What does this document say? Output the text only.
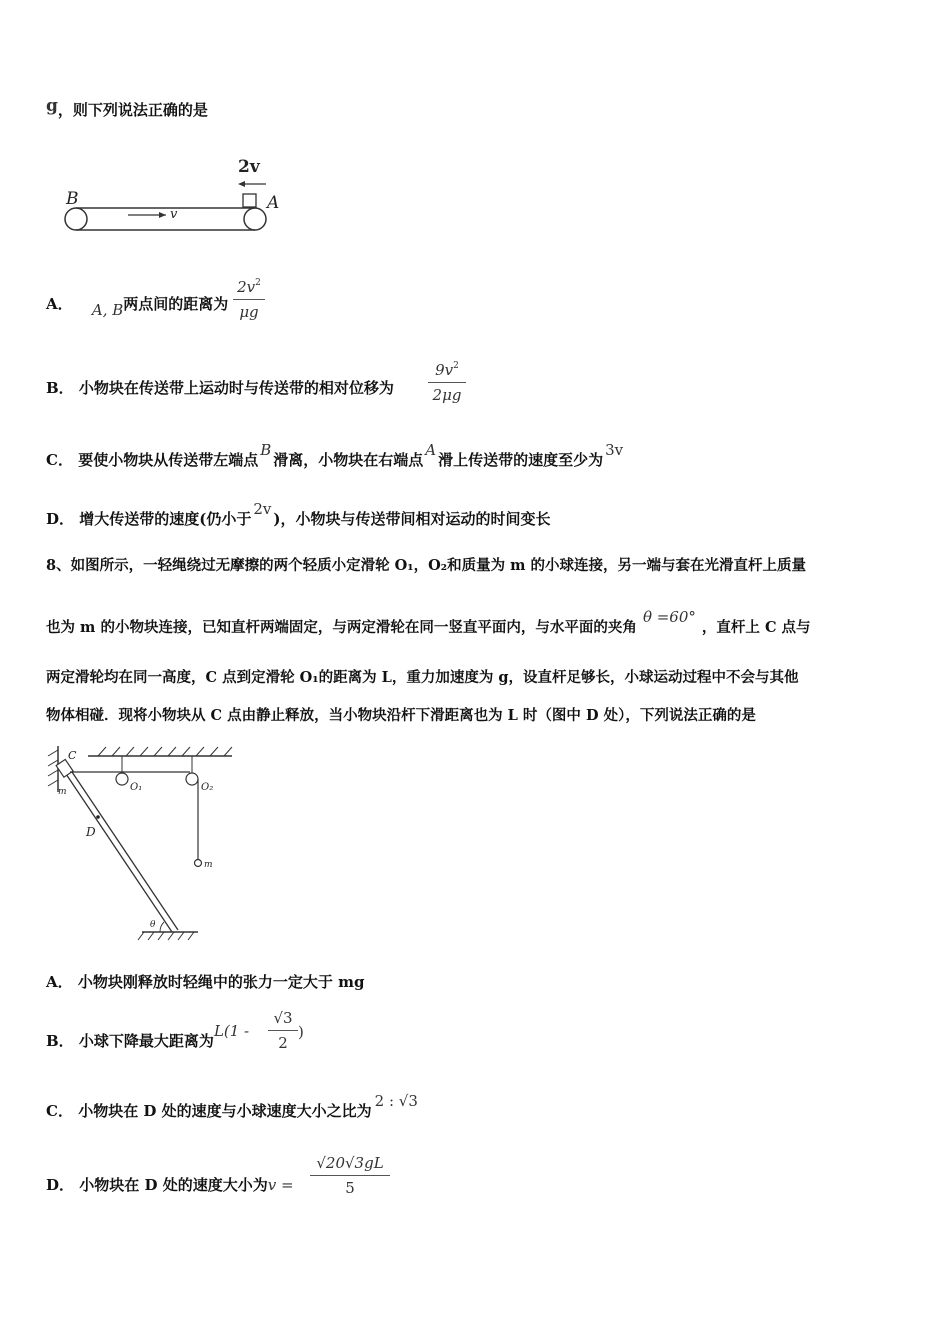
g，则下列说法正确的是
B	A
2v
v
A． A, B两点间的距离为
$2v^2$
μg
B． 小物块在传送带上运动时与传送带的相对位移为
$9v^2$
2μg
C． 要使小物块从传送带左端点B滑离，小物块在右端点A滑上传送带的速度至少为3v
D． 增大传送带的速度(仍小于2v)，小物块与传送带间相对运动的时间变长
8、如图所示，一轻绳绕过无摩擦的两个轻质小定滑轮 O₁，O₂和质量为 m 的小球连接，另一端与套在光滑直杆上质量
也为 m 的小物块连接，已知直杆两端固定，与两定滑轮在同一竖直平面内，与水平面的夹角θ =60°，直杆上 C 点与
两定滑轮均在同一高度，C 点到定滑轮 O₁的距离为 L，重力加速度为 g，设直杆足够长，小球运动过程中不会与其他
物体相碰．现将小物块从 C 点由静止释放，当小物块沿杆下滑距离也为 L 时（图中 D 处），下列说法正确的是
C
m	O₁	O₂
D
m
θ
A． 小物块刚释放时轻绳中的张力一定大于 mg
B． 小球下降最大距离为L(1 -
√3
2
)
C． 小物块在 D 处的速度与小球速度大小之比为2 : √3
D． 小物块在 D 处的速度大小为v =
√20√3gL
5
